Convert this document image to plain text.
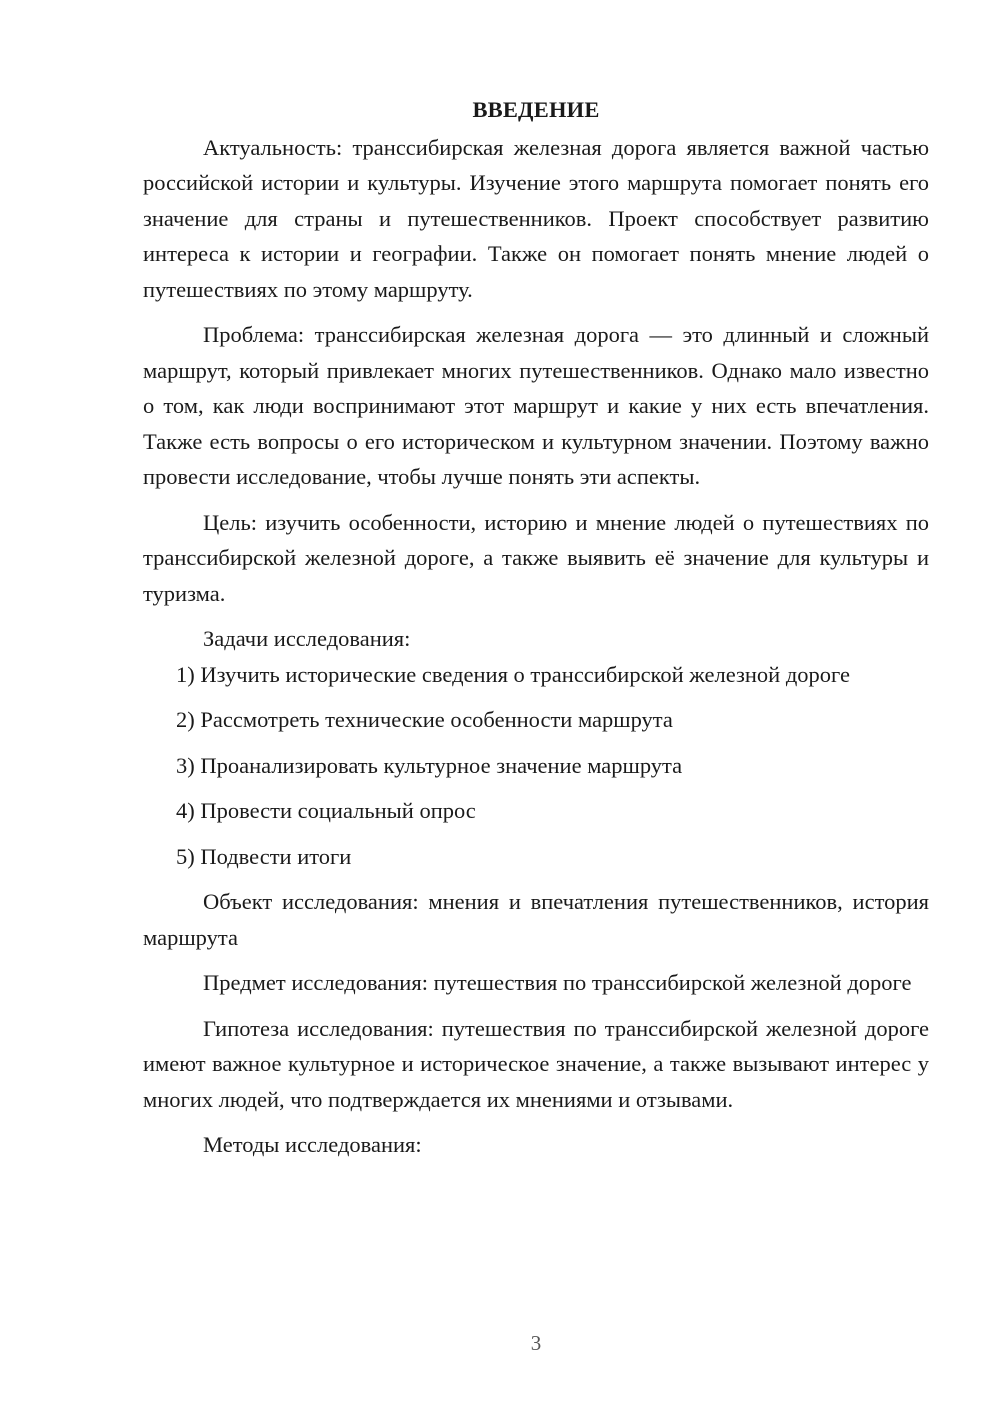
ВВЕДЕНИЕ

Актуальность: транссибирская железная дорога является важной частью российской истории и культуры. Изучение этого маршрута помогает понять его значение для страны и путешественников. Проект способствует развитию интереса к истории и географии. Также он помогает понять мнение людей о путешествиях по этому маршруту.

Проблема: транссибирская железная дорога — это длинный и сложный маршрут, который привлекает многих путешественников. Однако мало известно о том, как люди воспринимают этот маршрут и какие у них есть впечатления. Также есть вопросы о его историческом и культурном значении. Поэтому важно провести исследование, чтобы лучше понять эти аспекты.

Цель: изучить особенности, историю и мнение людей о путешествиях по транссибирской железной дороге, а также выявить её значение для культуры и туризма.

Задачи исследования:

1) Изучить исторические сведения о транссибирской железной дороге
2) Рассмотреть технические особенности маршрута
3) Проанализировать культурное значение маршрута
4) Провести социальный опрос
5) Подвести итоги

Объект исследования: мнения и впечатления путешественников, история маршрута

Предмет исследования: путешествия по транссибирской железной дороге

Гипотеза исследования: путешествия по транссибирской железной дороге имеют важное культурное и историческое значение, а также вызывают интерес у многих людей, что подтверждается их мнениями и отзывами.

Методы исследования:

3
